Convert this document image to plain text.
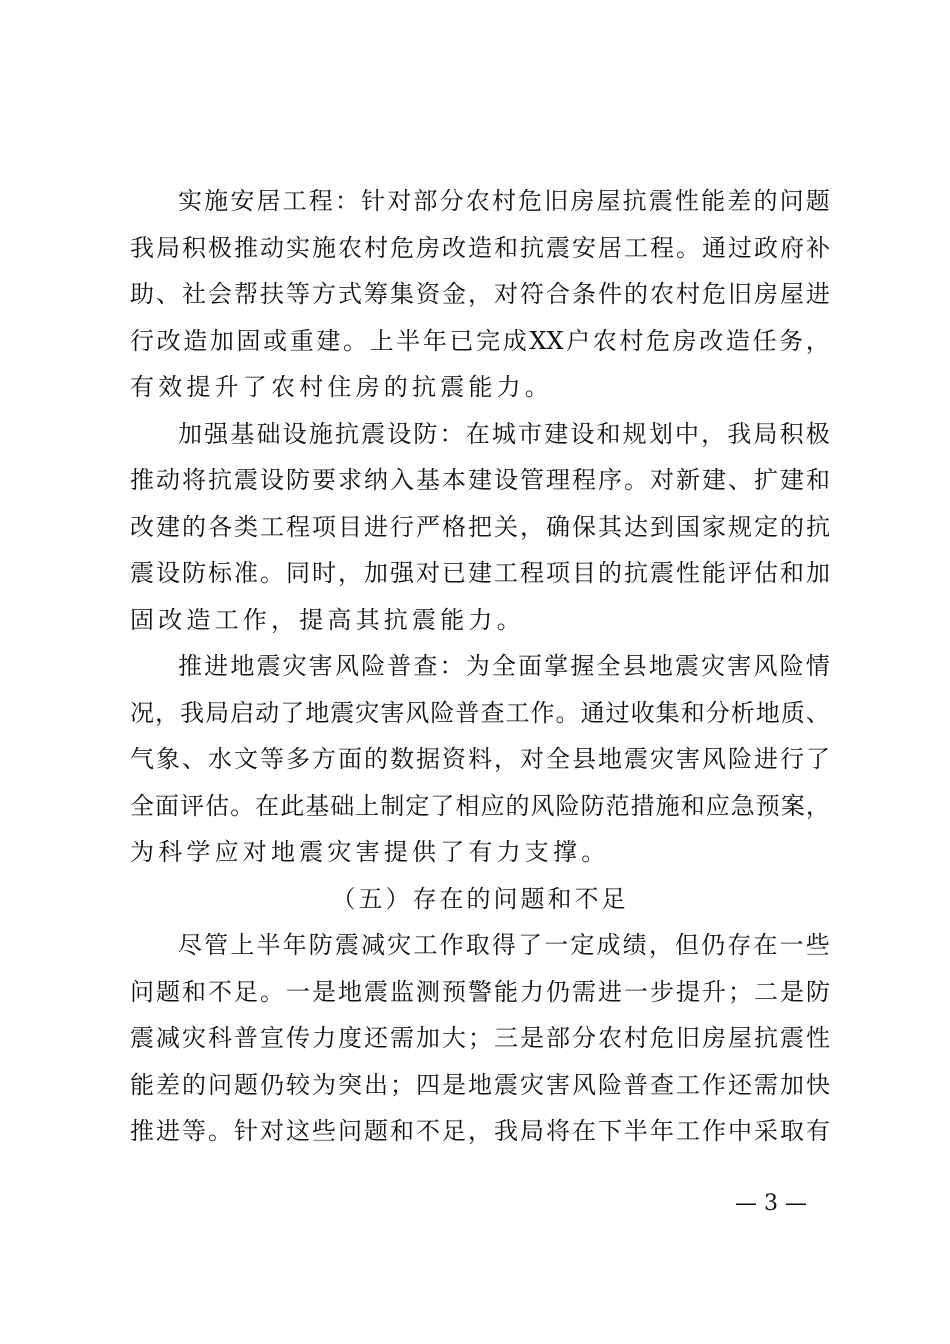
实 施 安 居 工 程 ： 针 对 部 分 农 村 危 旧 房 屋 抗 震 性 能 差 的 问 题
我 局 积 极 推 动 实 施 农 村 危 房 改 造 和 抗 震 安 居 工 程 。 通 过 政 府 补
助 、 社 会 帮 扶 等 方 式 筹 集 资 金 ， 对 符 合 条 件 的 农 村 危 旧 房 屋 进
行 改 造 加 固 或 重 建 。 上 半 年 已 完 成 XX 户 农 村 危 房 改 造 任 务 ，
有效提升了农村住房的抗震能力。
加 强 基 础 设 施 抗 震 设 防 ： 在 城 市 建 设 和 规 划 中 ， 我 局 积 极
推 动 将 抗 震 设 防 要 求 纳 入 基 本 建 设 管 理 程 序 。 对 新 建 、 扩 建 和
改 建 的 各 类 工 程 项 目 进 行 严 格 把 关 ， 确 保 其 达 到 国 家 规 定 的 抗
震 设 防 标 准 。 同 时 ， 加 强 对 已 建 工 程 项 目 的 抗 震 性 能 评 估 和 加
固改造工作，提高其抗震能力。
推 进 地 震 灾 害 风 险 普 查 ： 为 全 面 掌 握 全 县 地 震 灾 害 风 险 情
况 ， 我 局 启 动 了 地 震 灾 害 风 险 普 查 工 作 。 通 过 收 集 和 分 析 地 质 、
气 象 、 水 文 等 多 方 面 的 数 据 资 料 ， 对 全 县 地 震 灾 害 风 险 进 行 了
全 面 评 估 。 在 此 基 础 上 制 定 了 相 应 的 风 险 防 范 措 施 和 应 急 预 案 ，
为科学应对地震灾害提供了有力支撑。
（五）存在的问题和不足
尽 管 上 半 年 防 震 减 灾 工 作 取 得 了 一 定 成 绩 ， 但 仍 存 在 一 些
问 题 和 不 足 。 一 是 地 震 监 测 预 警 能 力 仍 需 进 一 步 提 升 ； 二 是 防
震 减 灾 科 普 宣 传 力 度 还 需 加 大 ； 三 是 部 分 农 村 危 旧 房 屋 抗 震 性
能 差 的 问 题 仍 较 为 突 出 ； 四 是 地 震 灾 害 风 险 普 查 工 作 还 需 加 快
推 进 等 。 针 对 这 些 问 题 和 不 足 ， 我 局 将 在 下 半 年 工 作 中 采 取 有
— 3 —
